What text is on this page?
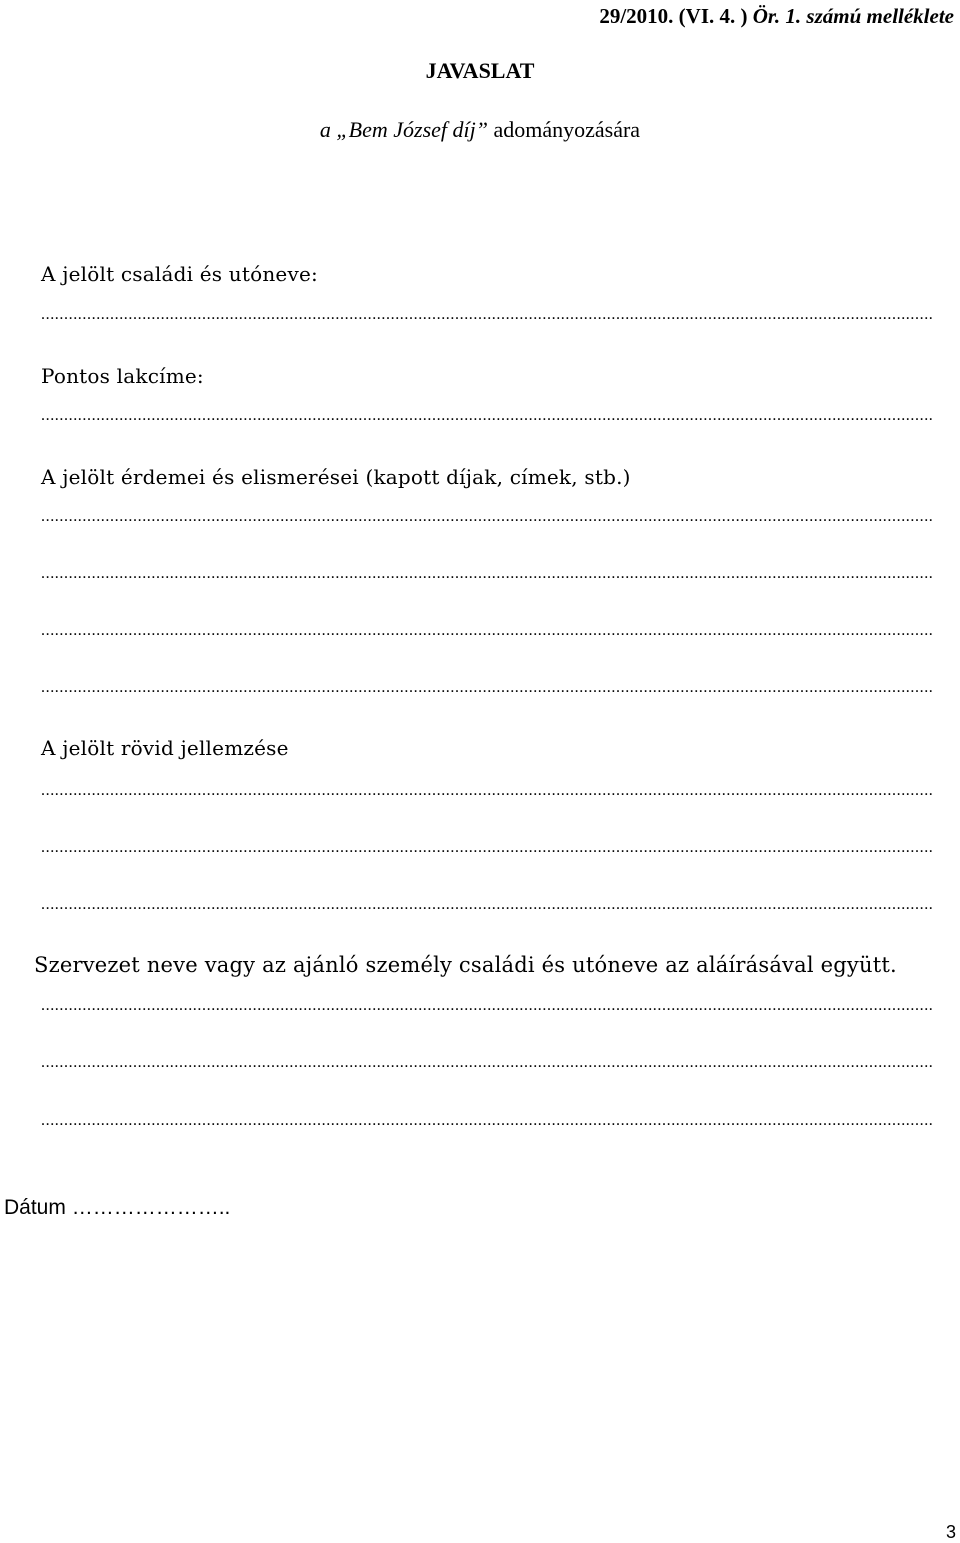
29/2010. (VI. 4. ) Ör. 1. számú melléklete
JAVASLAT
a „Bem József díj” adományozására
A jelölt családi és utóneve:
..................................................................................................................................................................................................
Pontos lakcíme:
..................................................................................................................................................................................................
A jelölt érdemei és elismerései (kapott díjak, címek, stb.)
..................................................................................................................................................................................................
..................................................................................................................................................................................................
..................................................................................................................................................................................................
..................................................................................................................................................................................................
A jelölt rövid jellemzése
..................................................................................................................................................................................................
..................................................................................................................................................................................................
..................................................................................................................................................................................................
Szervezet neve vagy az ajánló személy családi és utóneve az aláírásával együtt.
..................................................................................................................................................................................................
..................................................................................................................................................................................................
..................................................................................................................................................................................................
Dátum …………………..
3
